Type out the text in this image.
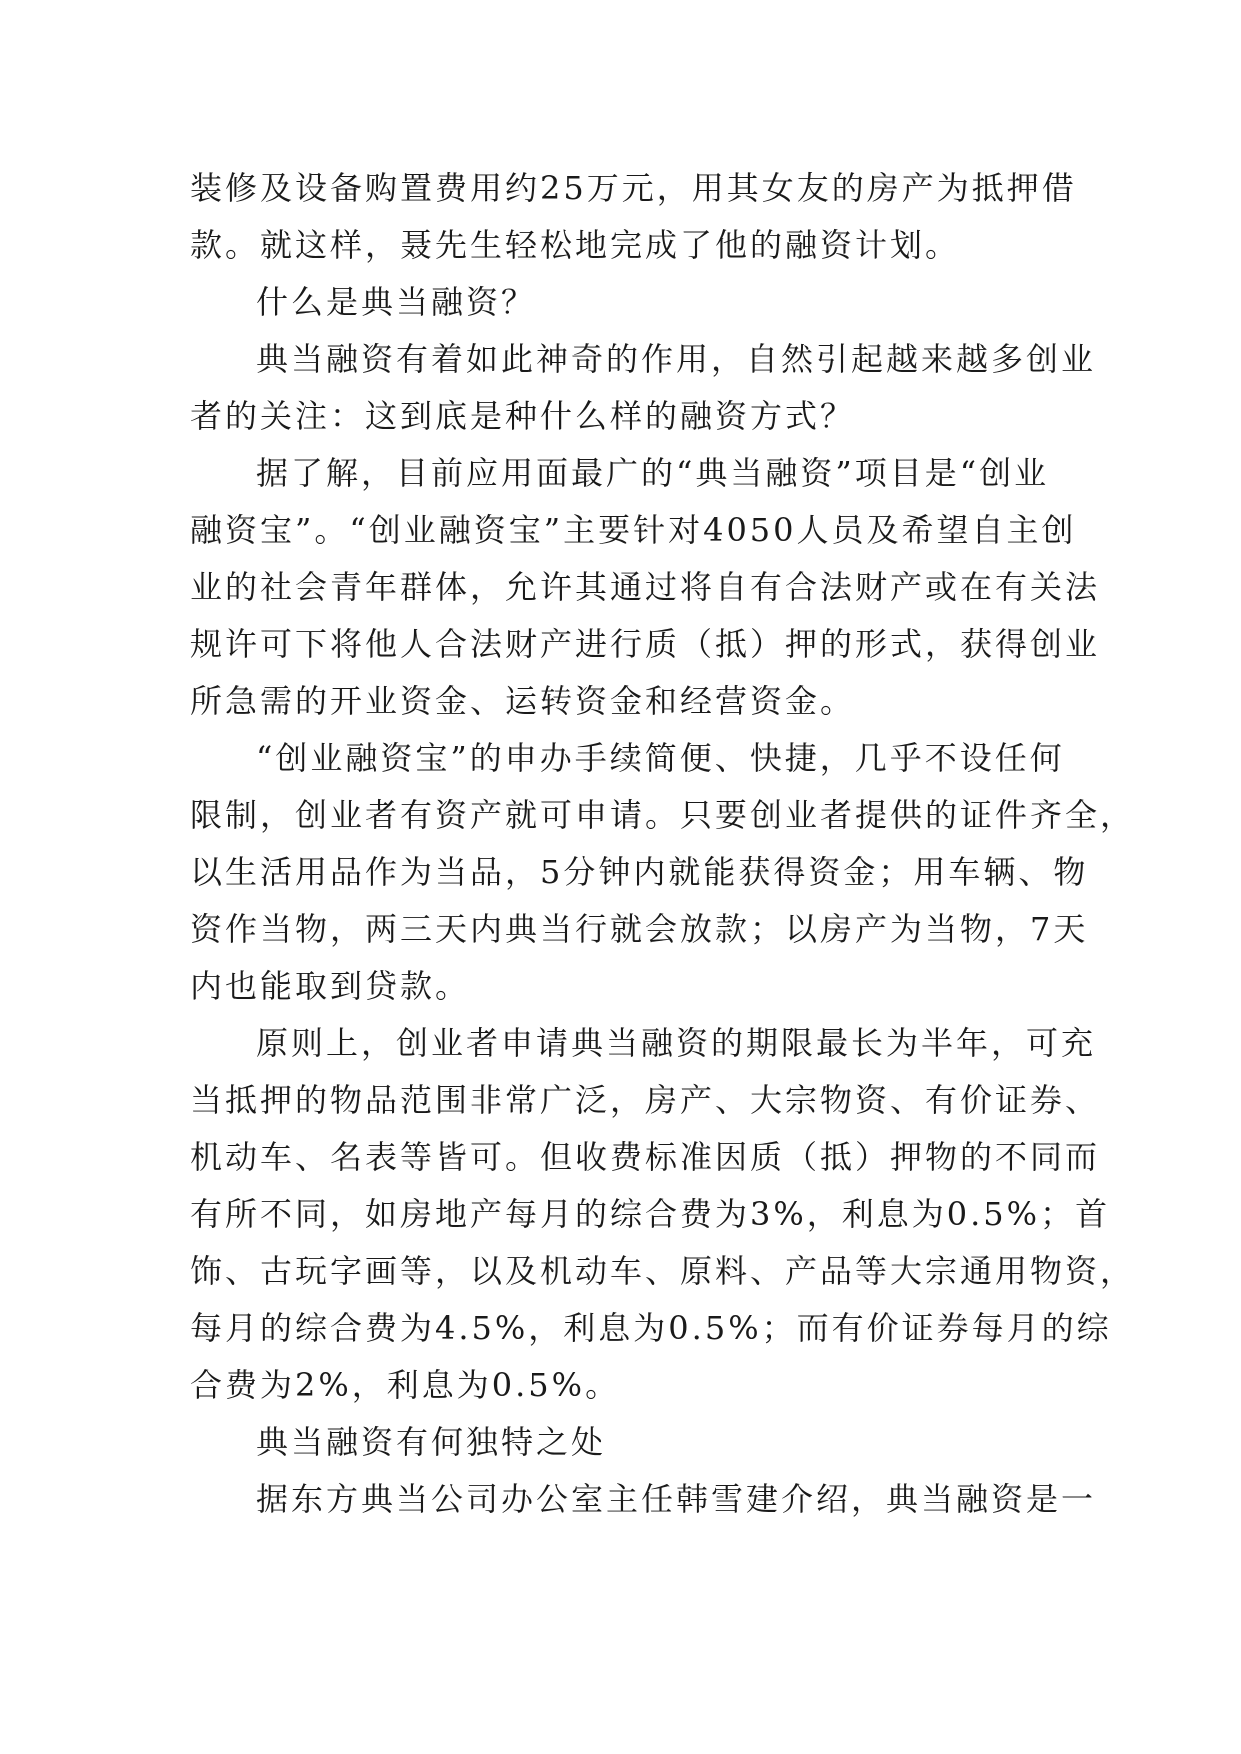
装修及设备购置费用约25万元，用其女友的房产为抵押借
款。就这样，聂先生轻松地完成了他的融资计划。

什么是典当融资？

典当融资有着如此神奇的作用，自然引起越来越多创业
者的关注：这到底是种什么样的融资方式？

据了解，目前应用面最广的“典当融资”项目是“创业
融资宝”。“创业融资宝”主要针对4050人员及希望自主创
业的社会青年群体，允许其通过将自有合法财产或在有关法
规许可下将他人合法财产进行质（抵）押的形式，获得创业
所急需的开业资金、运转资金和经营资金。

“创业融资宝”的申办手续简便、快捷，几乎不设任何
限制，创业者有资产就可申请。只要创业者提供的证件齐全，
以生活用品作为当品，5分钟内就能获得资金；用车辆、物
资作当物，两三天内典当行就会放款；以房产为当物，7天
内也能取到贷款。

原则上，创业者申请典当融资的期限最长为半年，可充
当抵押的物品范围非常广泛，房产、大宗物资、有价证券、
机动车、名表等皆可。但收费标准因质（抵）押物的不同而
有所不同，如房地产每月的综合费为3%，利息为0.5%；首
饰、古玩字画等，以及机动车、原料、产品等大宗通用物资，
每月的综合费为4.5%，利息为0.5%；而有价证券每月的综
合费为2%，利息为0.5%。

典当融资有何独特之处

据东方典当公司办公室主任韩雪建介绍，典当融资是一
